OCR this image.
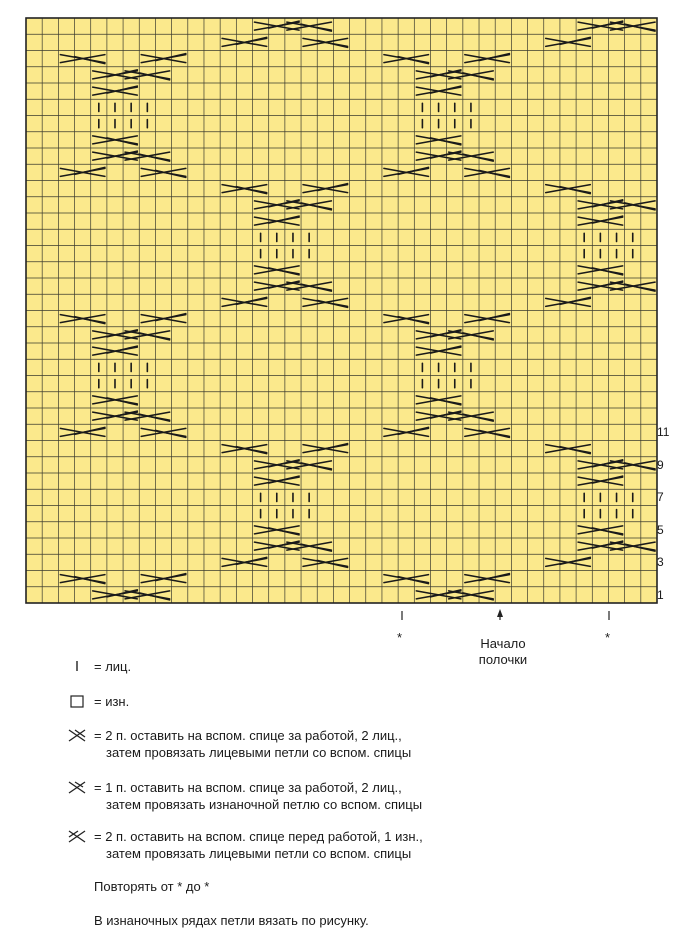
11
9
7
5
3
1
*	*
Начало
полочки
= лиц.
= изн.
= 2 п. оставить на вспом. спице за работой, 2 лиц.,
затем провязать лицевыми петли со вспом. спицы
= 1 п. оставить на вспом. спице за работой, 2 лиц.,
затем провязать изнаночной петлю со вспом. спицы
= 2 п. оставить на вспом. спице перед работой, 1 изн.,
затем провязать лицевыми петли со вспом. спицы
Повторять от * до *
В изнаночных рядах петли вязать по рисунку.
